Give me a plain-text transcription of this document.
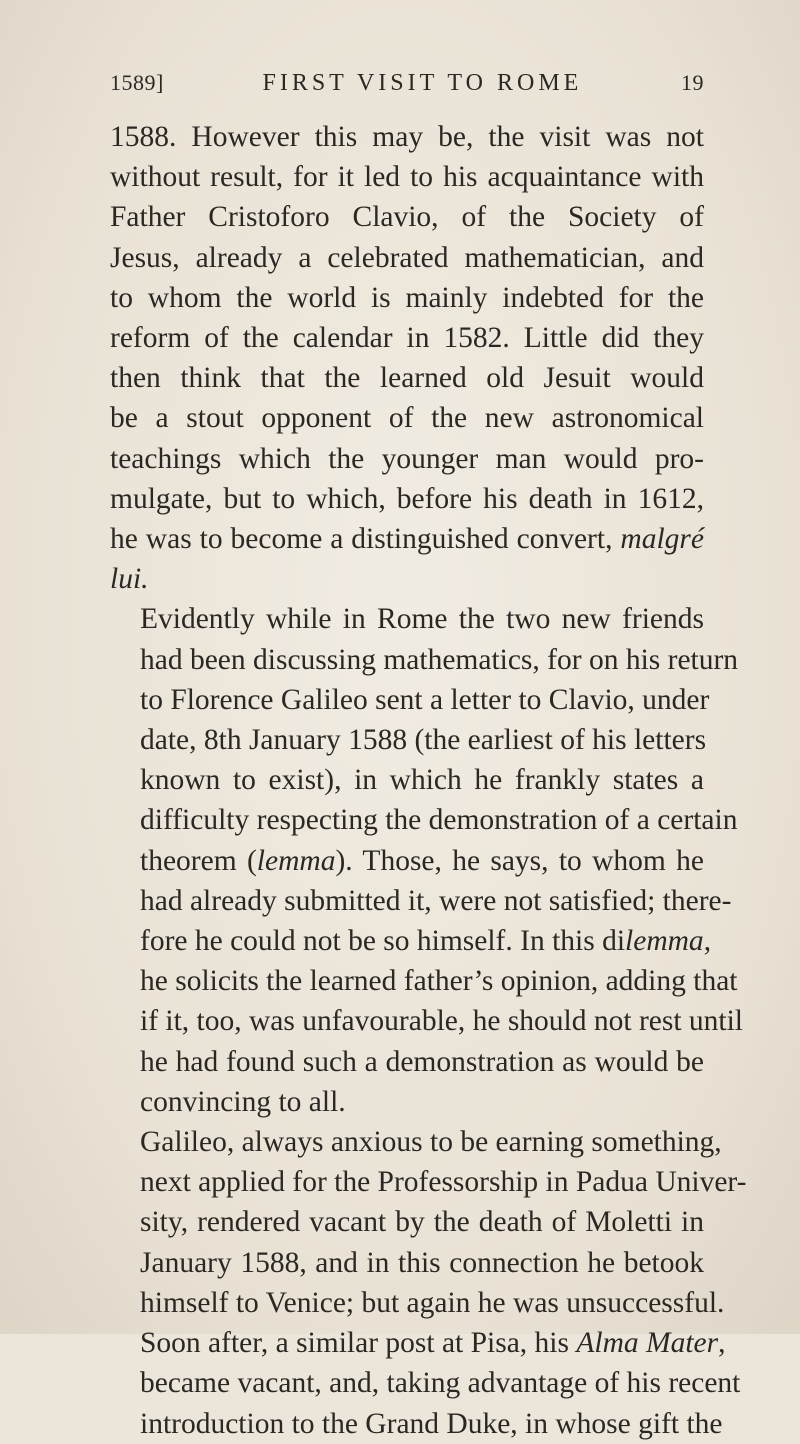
1589]	FIRST VISIT TO ROME	19

1588. However this may be, the visit was not
without result, for it led to his acquaintance with
Father Cristoforo Clavio, of the Society of
Jesus, already a celebrated mathematician, and
to whom the world is mainly indebted for the
reform of the calendar in 1582. Little did they
then think that the learned old Jesuit would
be a stout opponent of the new astronomical
teachings which the younger man would pro-
mulgate, but to which, before his death in 1612,
he was to become a distinguished convert, malgré
lui.

Evidently while in Rome the two new friends
had been discussing mathematics, for on his return
to Florence Galileo sent a letter to Clavio, under
date, 8th January 1588 (the earliest of his letters
known to exist), in which he frankly states a
difficulty respecting the demonstration of a certain
theorem (lemma). Those, he says, to whom he
had already submitted it, were not satisfied; there-
fore he could not be so himself. In this dilemma,
he solicits the learned father’s opinion, adding that
if it, too, was unfavourable, he should not rest until
he had found such a demonstration as would be
convincing to all.

Galileo, always anxious to be earning something,
next applied for the Professorship in Padua Univer-
sity, rendered vacant by the death of Moletti in
January 1588, and in this connection he betook
himself to Venice; but again he was unsuccessful.
Soon after, a similar post at Pisa, his Alma Mater,
became vacant, and, taking advantage of his recent
introduction to the Grand Duke, in whose gift the
